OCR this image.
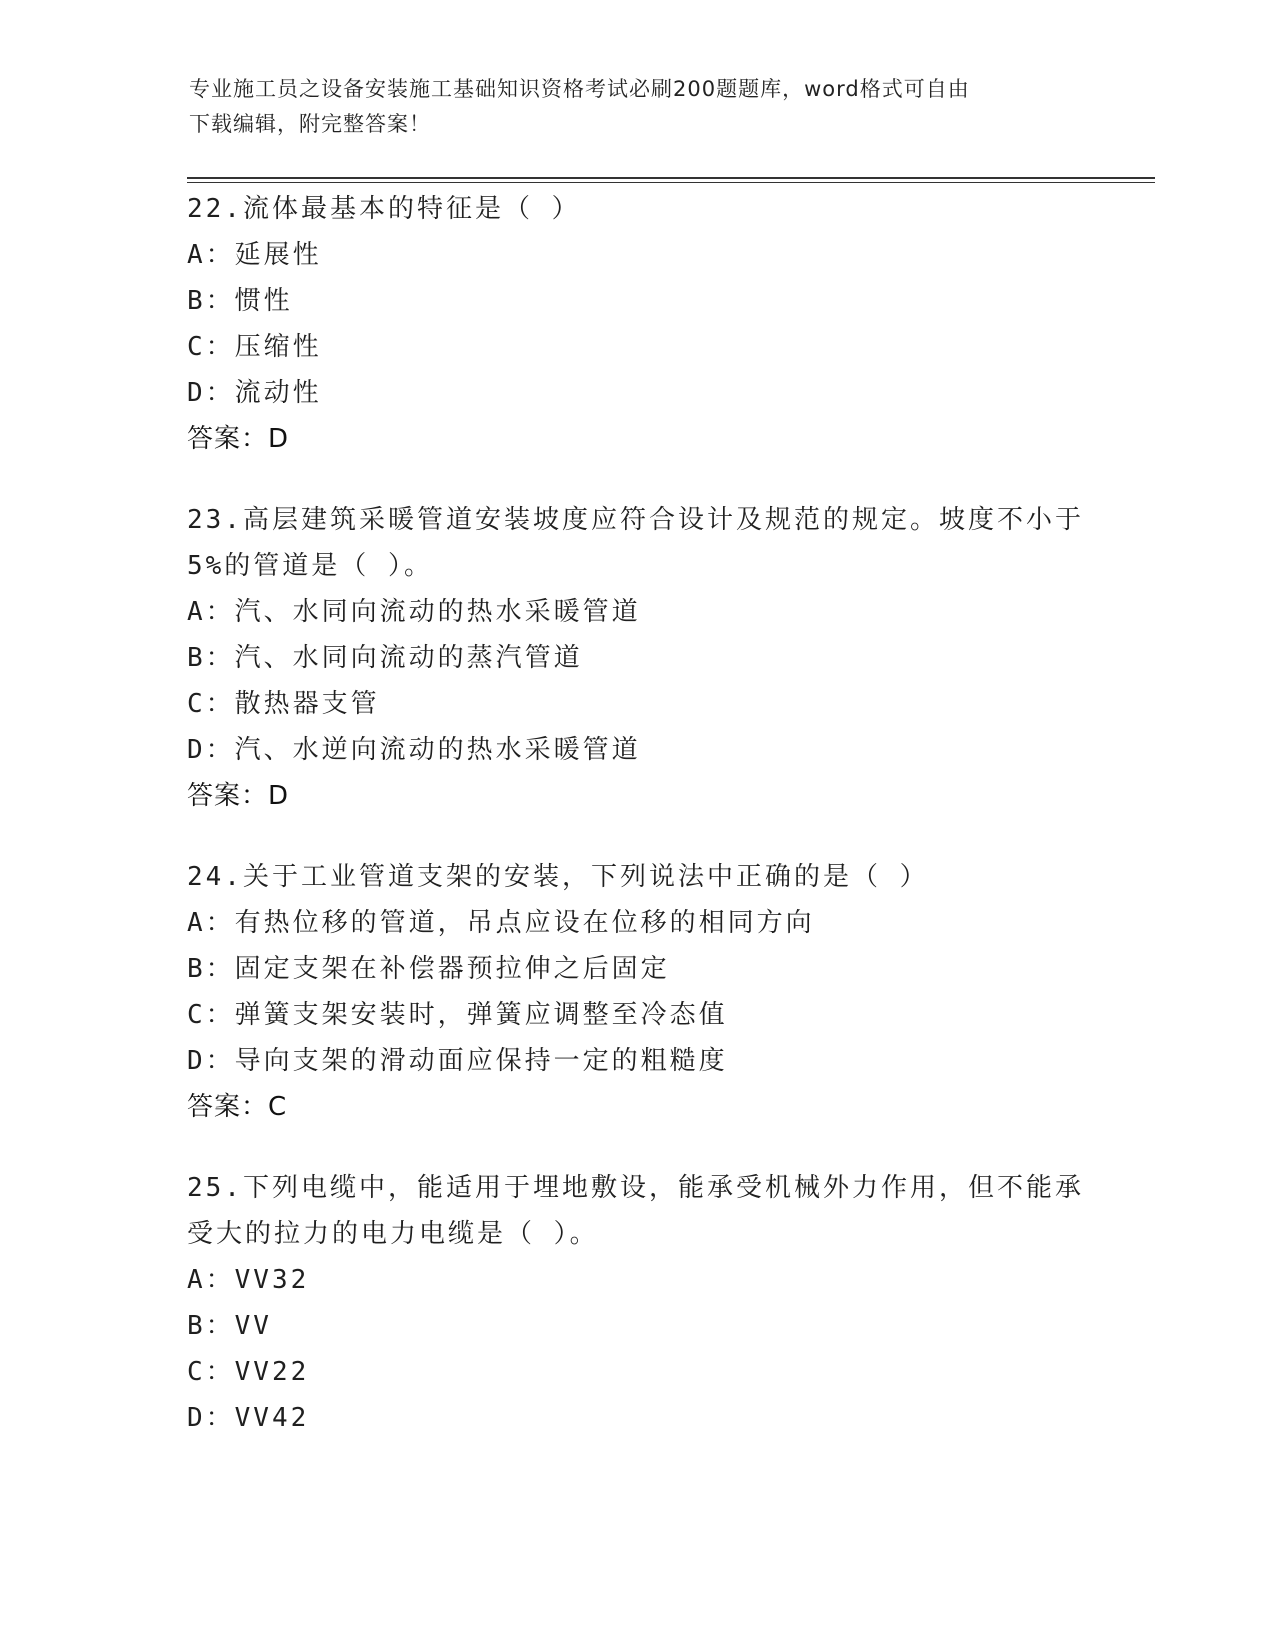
专业施工员之设备安装施工基础知识资格考试必刷200题题库，word格式可自由
下载编辑，附完整答案！
22.流体最基本的特征是（ ）
A：延展性
B：惯性
C：压缩性
D：流动性
答案：D
23.高层建筑采暖管道安装坡度应符合设计及规范的规定。坡度不小于
5%的管道是（ ）。
A：汽、水同向流动的热水采暖管道
B：汽、水同向流动的蒸汽管道
C：散热器支管
D：汽、水逆向流动的热水采暖管道
答案：D
24.关于工业管道支架的安装，下列说法中正确的是（ ）
A：有热位移的管道，吊点应设在位移的相同方向
B：固定支架在补偿器预拉伸之后固定
C：弹簧支架安装时，弹簧应调整至冷态值
D：导向支架的滑动面应保持一定的粗糙度
答案：C
25.下列电缆中，能适用于埋地敷设，能承受机械外力作用，但不能承
受大的拉力的电力电缆是（ ）。
A：VV32
B：VV
C：VV22
D：VV42
